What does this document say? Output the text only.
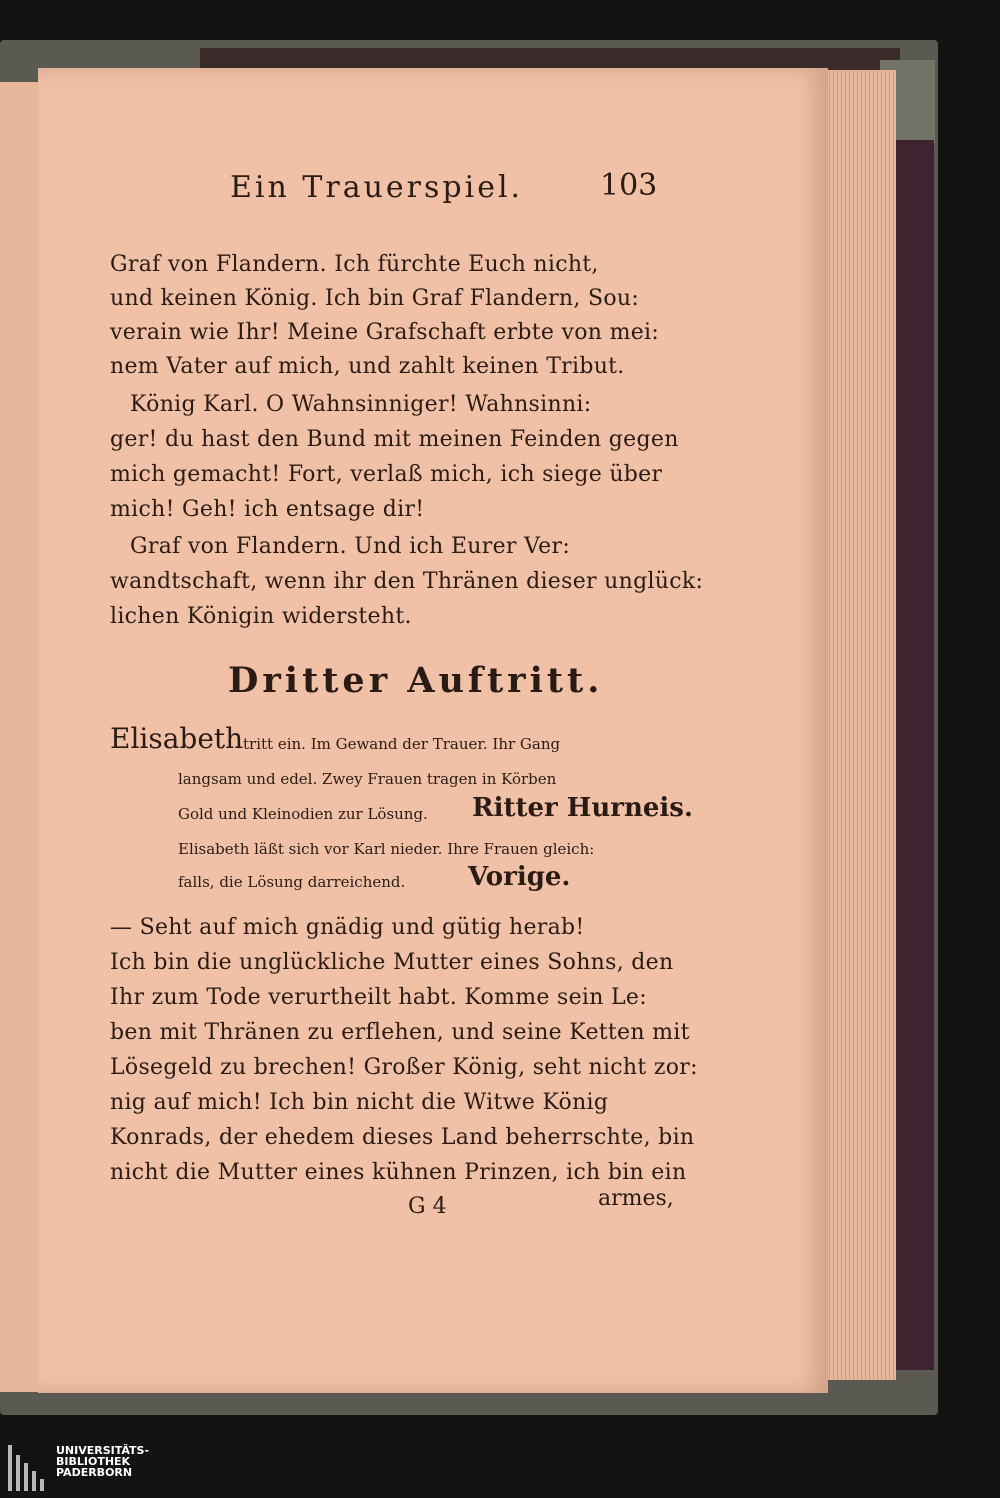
Ein Trauerspiel.	103
Graf von Flandern. Ich fürchte Euch nicht,
und keinen König. Ich bin Graf Flandern, Sou:
verain wie Ihr! Meine Grafschaft erbte von mei:
nem Vater auf mich, und zahlt keinen Tribut.
König Karl. O Wahnsinniger! Wahnsinni:
ger! du hast den Bund mit meinen Feinden gegen
mich gemacht! Fort, verlaß mich, ich siege über
mich! Geh! ich entsage dir!
Graf von Flandern. Und ich Eurer Ver:
wandtschaft, wenn ihr den Thränen dieser unglück:
lichen Königin widersteht.
Dritter Auftritt.
Elisabeth tritt ein. Im Gewand der Trauer. Ihr Gang
langsam und edel. Zwey Frauen tragen in Körben
Gold und Kleinodien zur Lösung. Ritter Hurneis.
Elisabeth läßt sich vor Karl nieder. Ihre Frauen gleich:
falls, die Lösung darreichend. Vorige.
— Seht auf mich gnädig und gütig herab!
Ich bin die unglückliche Mutter eines Sohns, den
Ihr zum Tode verurtheilt habt. Komme sein Le:
ben mit Thränen zu erflehen, und seine Ketten mit
Lösegeld zu brechen! Großer König, seht nicht zor:
nig auf mich! Ich bin nicht die Witwe König
Konrads, der ehedem dieses Land beherrschte, bin
nicht die Mutter eines kühnen Prinzen, ich bin ein
G 4	armes,
UNIVERSITÄTS-
BIBLIOTHEK
PADERBORN
